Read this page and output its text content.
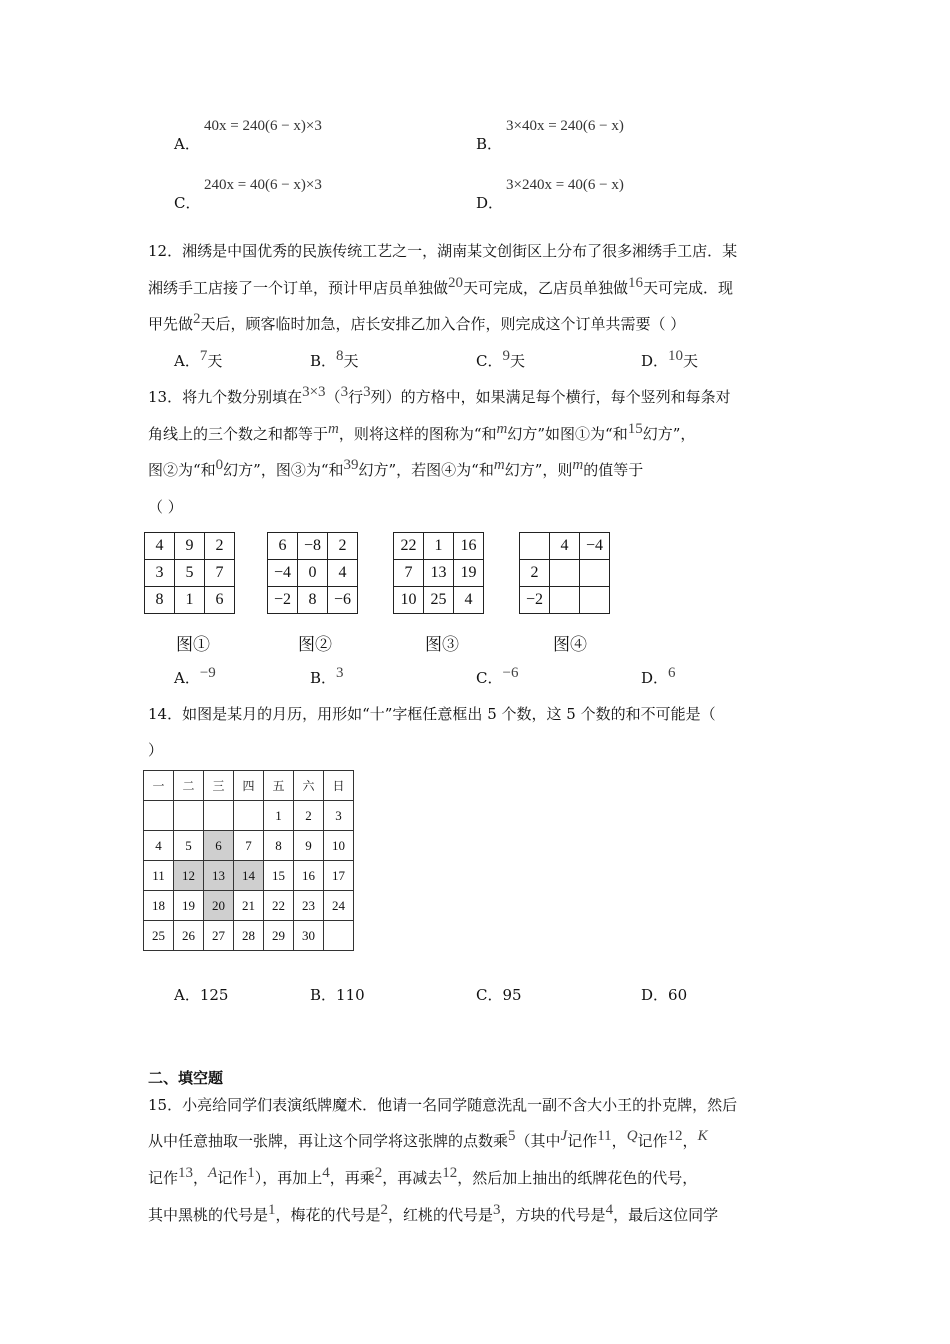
A．
40x = 240(6 − x)×3
B．
3×40x = 240(6 − x)
C．
240x = 40(6 − x)×3
D．
3×240x = 40(6 − x)
12．湘绣是中国优秀的民族传统工艺之一，湖南某文创街区上分布了很多湘绣手工店．某
湘绣手工店接了一个订单，预计甲店员单独做20天可完成，乙店员单独做16天可完成．现
甲先做2天后，顾客临时加急，店长安排乙加入合作，则完成这个订单共需要（ ）
A．7天	B．8天	C．9天	D．10天
13．将九个数分别填在3×3（3行3列）的方格中，如果满足每个横行，每个竖列和每条对
角线上的三个数之和都等于m，则将这样的图称为“和m幻方”如图①为“和15幻方”，
图②为“和0幻方”，图③为“和39幻方”，若图④为“和m幻方”，则m的值等于
（ ）
4	9	2
3	5	7
8	1	6
6	−8	2
−4	0	4
−2	8	−6
22	1	16
7	13	19
10	25	4
	4	−4
2		
−2		
图①	图②	图③	图④
A．−9	B．3	C．−6	D．6
14．如图是某月的月历，用形如“十”字框任意框出 5 个数，这 5 个数的和不可能是（
）
一	二	三	四	五	六	日
				1	2	3
4	5	6	7	8	9	10
11	12	13	14	15	16	17
18	19	20	21	22	23	24
25	26	27	28	29	30	
A．125	B．110	C．95	D．60
二、填空题
15．小亮给同学们表演纸牌魔术．他请一名同学随意洗乱一副不含大小王的扑克牌，然后
从中任意抽取一张牌，再让这个同学将这张牌的点数乘5（其中J记作11，Q记作12，K
记作13，A记作1），再加上4，再乘2，再减去12，然后加上抽出的纸牌花色的代号，
其中黑桃的代号是1，梅花的代号是2，红桃的代号是3，方块的代号是4，最后这位同学
